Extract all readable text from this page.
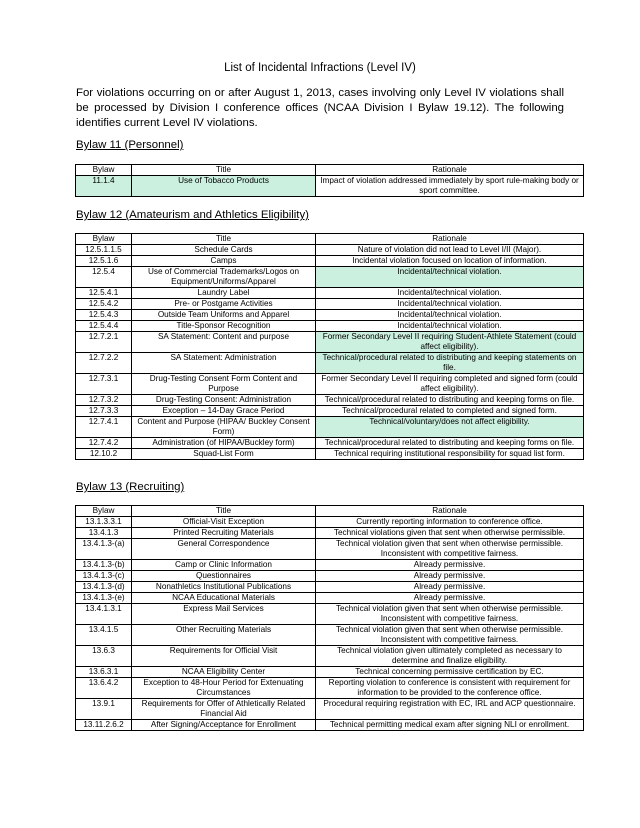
List of Incidental Infractions (Level IV)
For violations occurring on or after August 1, 2013, cases involving only Level IV violations shall be processed by Division I conference offices (NCAA Division I Bylaw 19.12). The following identifies current Level IV violations.
Bylaw 11 (Personnel)
Bylaw	Title	Rationale
11.1.4	Use of Tobacco Products	Impact of violation addressed immediately by sport rule-making body or sport committee.
Bylaw 12 (Amateurism and Athletics Eligibility)
Bylaw	Title	Rationale
12.5.1.1.5	Schedule Cards	Nature of violation did not lead to Level I/II (Major).
12.5.1.6	Camps	Incidental violation focused on location of information.
12.5.4	Use of Commercial Trademarks/Logos on Equipment/Uniforms/Apparel	Incidental/technical violation.
12.5.4.1	Laundry Label	Incidental/technical violation.
12.5.4.2	Pre- or Postgame Activities	Incidental/technical violation.
12.5.4.3	Outside Team Uniforms and Apparel	Incidental/technical violation.
12.5.4.4	Title-Sponsor Recognition	Incidental/technical violation.
12.7.2.1	SA Statement: Content and purpose	Former Secondary Level II requiring Student-Athlete Statement (could affect eligibility).
12.7.2.2	SA Statement: Administration	Technical/procedural related to distributing and keeping statements on file.
12.7.3.1	Drug-Testing Consent Form Content and Purpose	Former Secondary Level II requiring completed and signed form (could affect eligibility).
12.7.3.2	Drug-Testing Consent: Administration	Technical/procedural related to distributing and keeping forms on file.
12.7.3.3	Exception – 14-Day Grace Period	Technical/procedural related to completed and signed form.
12.7.4.1	Content and Purpose (HIPAA/ Buckley Consent Form)	Technical/voluntary/does not affect eligibility.
12.7.4.2	Administration (of HIPAA/Buckley form)	Technical/procedural related to distributing and keeping forms on file.
12.10.2	Squad-List Form	Technical requiring institutional responsibility for squad list form.
Bylaw 13 (Recruiting)
Bylaw	Title	Rationale
13.1.3.3.1	Official-Visit Exception	Currently reporting information to conference office.
13.4.1.3	Printed Recruiting Materials	Technical violations given that sent when otherwise permissible.
13.4.1.3-(a)	General Correspondence	Technical violation given that sent when otherwise permissible. Inconsistent with competitive fairness.
13.4.1.3-(b)	Camp or Clinic Information	Already permissive.
13.4.1.3-(c)	Questionnaires	Already permissive.
13.4.1.3-(d)	Nonathletics Institutional Publications	Already permissive.
13.4.1.3-(e)	NCAA Educational Materials	Already permissive.
13.4.1.3.1	Express Mail Services	Technical violation given that sent when otherwise permissible. Inconsistent with competitive fairness.
13.4.1.5	Other Recruiting Materials	Technical violation given that sent when otherwise permissible. Inconsistent with competitive fairness.
13.6.3	Requirements for Official Visit	Technical violation given ultimately completed as necessary to determine and finalize eligibility.
13.6.3.1	NCAA Eligibility Center	Technical concerning permissive certification by EC.
13.6.4.2	Exception to 48-Hour Period for Extenuating Circumstances	Reporting violation to conference is consistent with requirement for information to be provided to the conference office.
13.9.1	Requirements for Offer of Athletically Related Financial Aid	Procedural requiring registration with EC, IRL and ACP questionnaire.
13.11.2.6.2	After Signing/Acceptance for Enrollment	Technical permitting medical exam after signing NLI or enrollment.
